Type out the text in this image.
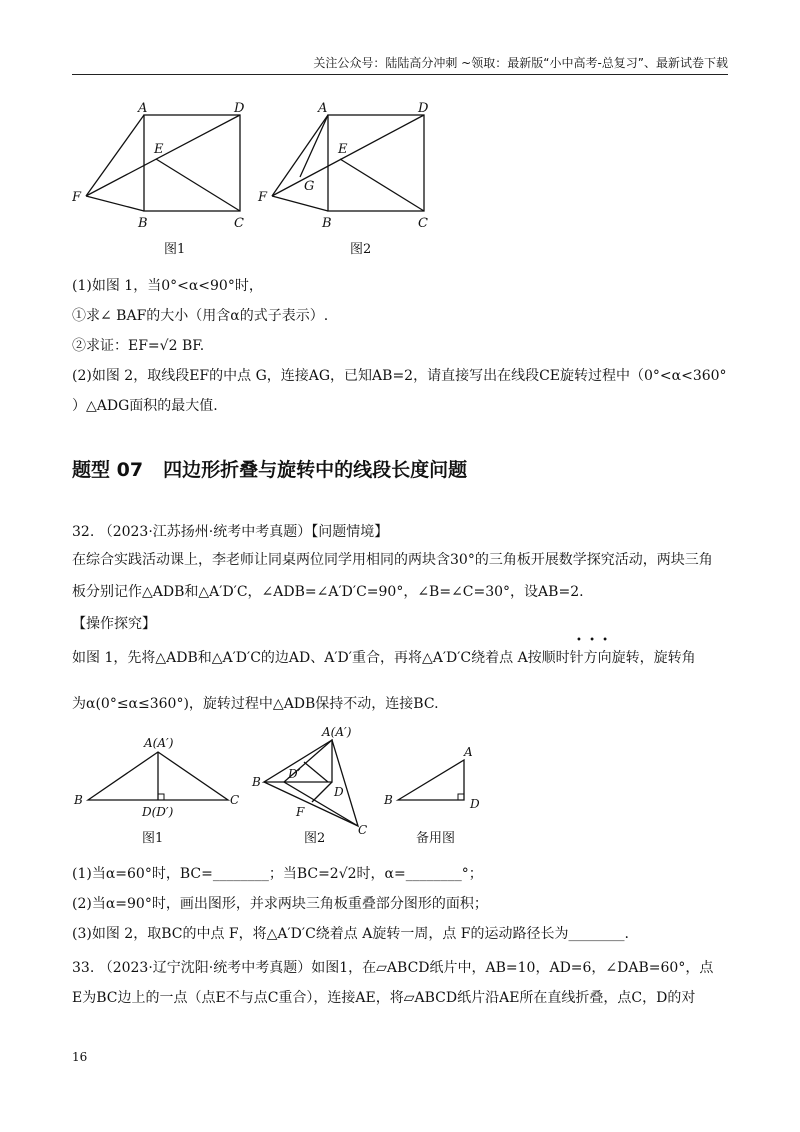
关注公众号：陆陆高分冲刺 ~领取：最新版“小中高考-总复习”、最新试卷下载
A	D
E
F
B	C
图1
A	D
E
G
F
B	C
图2
(1)如图 1，当0°<α<90°时，
①求∠ BAF的大小（用含α的式子表示）.
②求证：EF=√2 BF.
(2)如图 2，取线段EF的中点 G，连接AG，已知AB=2，请直接写出在线段CE旋转过程中（0°<α<360°
）△ADG面积的最大值.
题型 07 四边形折叠与旋转中的线段长度问题
32. （2023·江苏扬州·统考中考真题）【问题情境】
在综合实践活动课上，李老师让同桌两位同学用相同的两块含30°的三角板开展数学探究活动，两块三角
板分别记作△ADB和△A′D′C，∠ADB=∠A′D′C=90°，∠B=∠C=30°，设AB=2.
【操作探究】
• • •
如图 1，先将△ADB和△A′D′C的边AD、A′D′重合，再将△A′D′C绕着点 A按顺时针方向旋转，旋转角
为α(0°≤α≤360°)，旋转过程中△ADB保持不动，连接BC.
A(A′)
B
D(D′)
C
图1
A(A′)
B
D′
D
F
C
图2
A
B	D
备用图
(1)当α=60°时，BC=________；当BC=2√2时，α=________°；
(2)当α=90°时，画出图形，并求两块三角板重叠部分图形的面积；
(3)如图 2，取BC的中点 F，将△A′D′C绕着点 A旋转一周，点 F的运动路径长为________.
33. （2023·辽宁沈阳·统考中考真题）如图1，在▱ABCD纸片中，AB=10，AD=6，∠DAB=60°，点
E为BC边上的一点（点E不与点C重合），连接AE，将▱ABCD纸片沿AE所在直线折叠，点C，D的对
16
